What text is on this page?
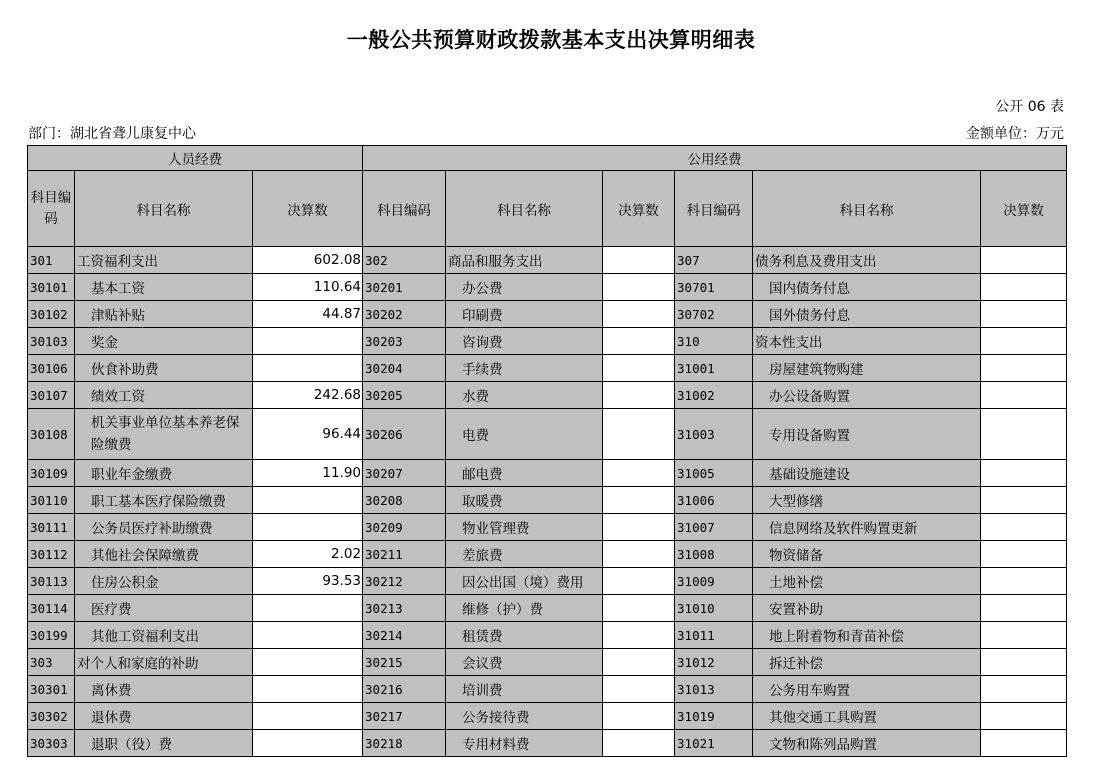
一般公共预算财政拨款基本支出决算明细表
公开 06 表
部门：湖北省聋儿康复中心	金额单位：万元
人员经费			公用经费					
科目编码	科目名称	决算数	科目编码	科目名称	决算数	科目编码	科目名称	决算数
301	工资福利支出	602.08	302	商品和服务支出		307	债务利息及费用支出	
30101	基本工资	110.64	30201	办公费		30701	国内债务付息	
30102	津贴补贴	44.87	30202	印刷费		30702	国外债务付息	
30103	奖金		30203	咨询费		310	资本性支出	
30106	伙食补助费		30204	手续费		31001	房屋建筑物购建	
30107	绩效工资	242.68	30205	水费		31002	办公设备购置	
30108	机关事业单位基本养老保险缴费	96.44	30206	电费		31003	专用设备购置	
30109	职业年金缴费	11.90	30207	邮电费		31005	基础设施建设	
30110	职工基本医疗保险缴费		30208	取暖费		31006	大型修缮	
30111	公务员医疗补助缴费		30209	物业管理费		31007	信息网络及软件购置更新	
30112	其他社会保障缴费	2.02	30211	差旅费		31008	物资储备	
30113	住房公积金	93.53	30212	因公出国（境）费用		31009	土地补偿	
30114	医疗费		30213	维修（护）费		31010	安置补助	
30199	其他工资福利支出		30214	租赁费		31011	地上附着物和青苗补偿	
303	对个人和家庭的补助		30215	会议费		31012	拆迁补偿	
30301	离休费		30216	培训费		31013	公务用车购置	
30302	退休费		30217	公务接待费		31019	其他交通工具购置	
30303	退职（役）费		30218	专用材料费		31021	文物和陈列品购置	
